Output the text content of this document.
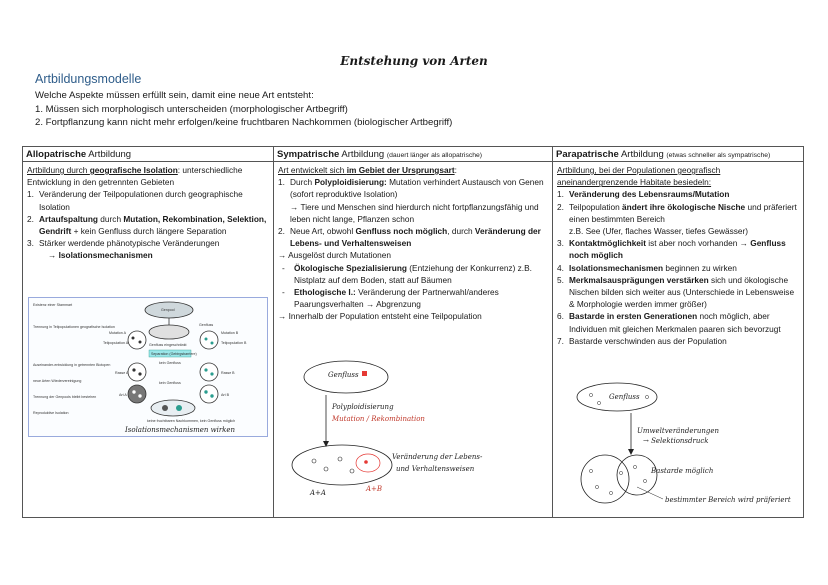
Entstehung von Arten
Artbildungsmodelle
Welche Aspekte müssen erfüllt sein, damit eine neue Art entsteht:
1. Müssen sich morphologisch unterscheiden (morphologischer Artbegriff)
2. Fortpflanzung kann nicht mehr erfolgen/keine fruchtbaren Nachkommen (biologischer Artbegriff)
Allopatrische Artbildung
Artbildung durch geografische Isolation: unterschiedliche
Entwicklung in den getrennten Gebieten
1. Veränderung der Teilpopulationen durch geographische Isolation
2. Artaufspaltung durch Mutation, Rekombination, Selektion, Gendrift + kein Genfluss durch längere Separation
3. Stärker werdende phänotypische Veränderungen
→ Isolationsmechanismen
Existenz einer Stammart
Trennung in Teilpopulationen geografische Isolation
Auseinander-entwicklung in getrennten Biotopen
neue Arten Wiedervereinigung
Trennung der Genpools bleibt bestehen
Reproduktive Isolation
Genpool
Genfluss
Mutation A	Mutation B
Teilpopulation A	Teilpopulation B
Genfluss eingeschränkt
Separation (Gebirgsbarriere)
kein Genfluss
Rasse A	Rasse B
kein Genfluss
Art A	Art B
keine fruchtbaren Nachkommen, kein Genfluss möglich
Isolationsmechanismen wirken
Sympatrische Artbildung (dauert länger als allopatrische)
Art entwickelt sich im Gebiet der Ursprungsart:
1. Durch Polyploidisierung: Mutation verhindert Austausch von Genen (sofort reproduktive Isolation)
→ Tiere und Menschen sind hierdurch nicht fortpflanzungsfähig und leben nicht lange, Pflanzen schon
2. Neue Art, obwohl Genfluss noch möglich, durch Veränderung der Lebens- und Verhaltensweisen
→ Ausgelöst durch Mutationen
-	Ökologische Spezialisierung (Entziehung der Konkurrenz) z.B. Nistplatz auf dem Boden, statt auf Bäumen
-	Ethologische I.: Veränderung der Partnerwahl/anderes Paarungsverhalten → Abgrenzung
→ Innerhalb der Population entsteht eine Teilpopulation
Genfluss
Polyploidisierung
Mutation / Rekombination
Veränderung der Lebens-
und Verhaltensweisen
A+A	A+B
Parapatrische Artbildung (etwas schneller als sympatrische)
Artbildung, bei der Populationen geografisch aneinandergrenzende Habitate besiedeln:
1. Veränderung des Lebensraums/Mutation
2. Teilpopulation ändert ihre ökologische Nische und präferiert einen bestimmten Bereich
z.B. See (Ufer, flaches Wasser, tiefes Gewässer)
3. Kontaktmöglichkeit ist aber noch vorhanden → Genfluss noch möglich
4. Isolationsmechanismen beginnen zu wirken
5. Merkmalsausprägungen verstärken sich und ökologische Nischen bilden sich weiter aus (Unterschiede in Lebensweise & Morphologie werden immer größer)
6. Bastarde in ersten Generationen noch möglich, aber Individuen mit gleichen Merkmalen paaren sich bevorzugt
7. Bastarde verschwinden aus der Population
Genfluss
Umweltveränderungen
→ Selektionsdruck
Bastarde möglich
bestimmter Bereich wird präferiert
